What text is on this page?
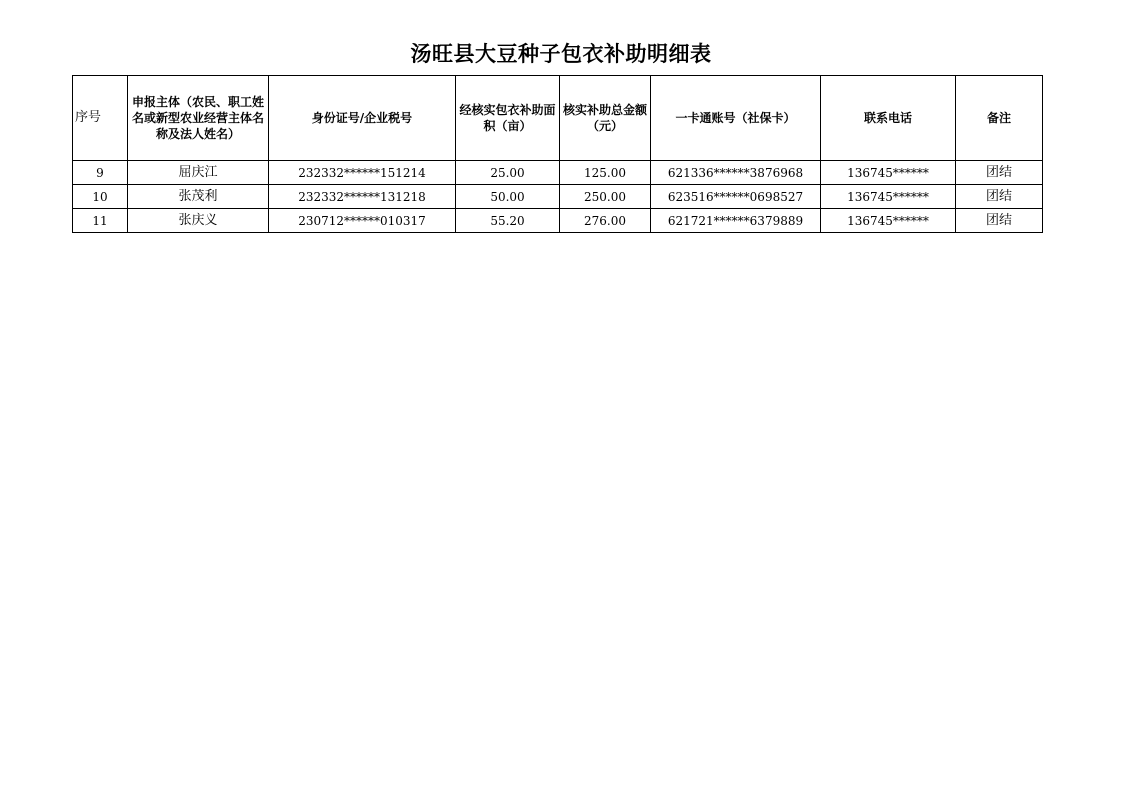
汤旺县大豆种子包衣补助明细表
序号	申报主体（农民、职工姓名或新型农业经营主体名称及法人姓名）	身份证号/企业税号	经核实包衣补助面积（亩）	核实补助总金额（元）	一卡通账号（社保卡）	联系电话	备注
9	屈庆江	232332******151214	25.00	125.00	621336******3876968	136745******	团结
10	张茂利	232332******131218	50.00	250.00	623516******0698527	136745******	团结
11	张庆义	230712******010317	55.20	276.00	621721******6379889	136745******	团结
